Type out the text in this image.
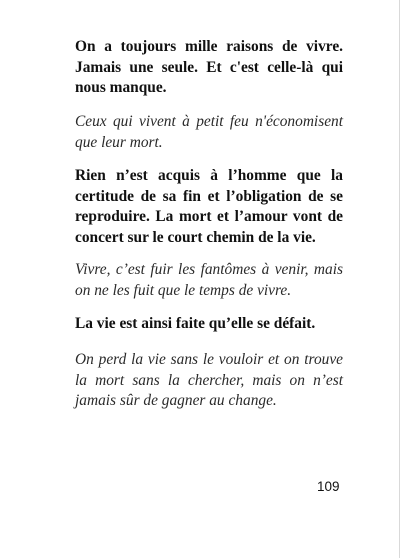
On a toujours mille raisons de vivre.
Jamais une seule. Et c'est celle-là qui
nous manque.

Ceux qui vivent à petit feu n'économisent
que leur mort.

Rien n’est acquis à l’homme que la
certitude de sa fin et l’obligation de se
reproduire. La mort et l’amour vont de
concert sur le court chemin de la vie.

Vivre, c’est fuir les fantômes à venir, mais
on ne les fuit que le temps de vivre.

La vie est ainsi faite qu’elle se défait.

On perd la vie sans le vouloir et on trouve
la mort sans la chercher, mais on n’est
jamais sûr de gagner au change.

109
